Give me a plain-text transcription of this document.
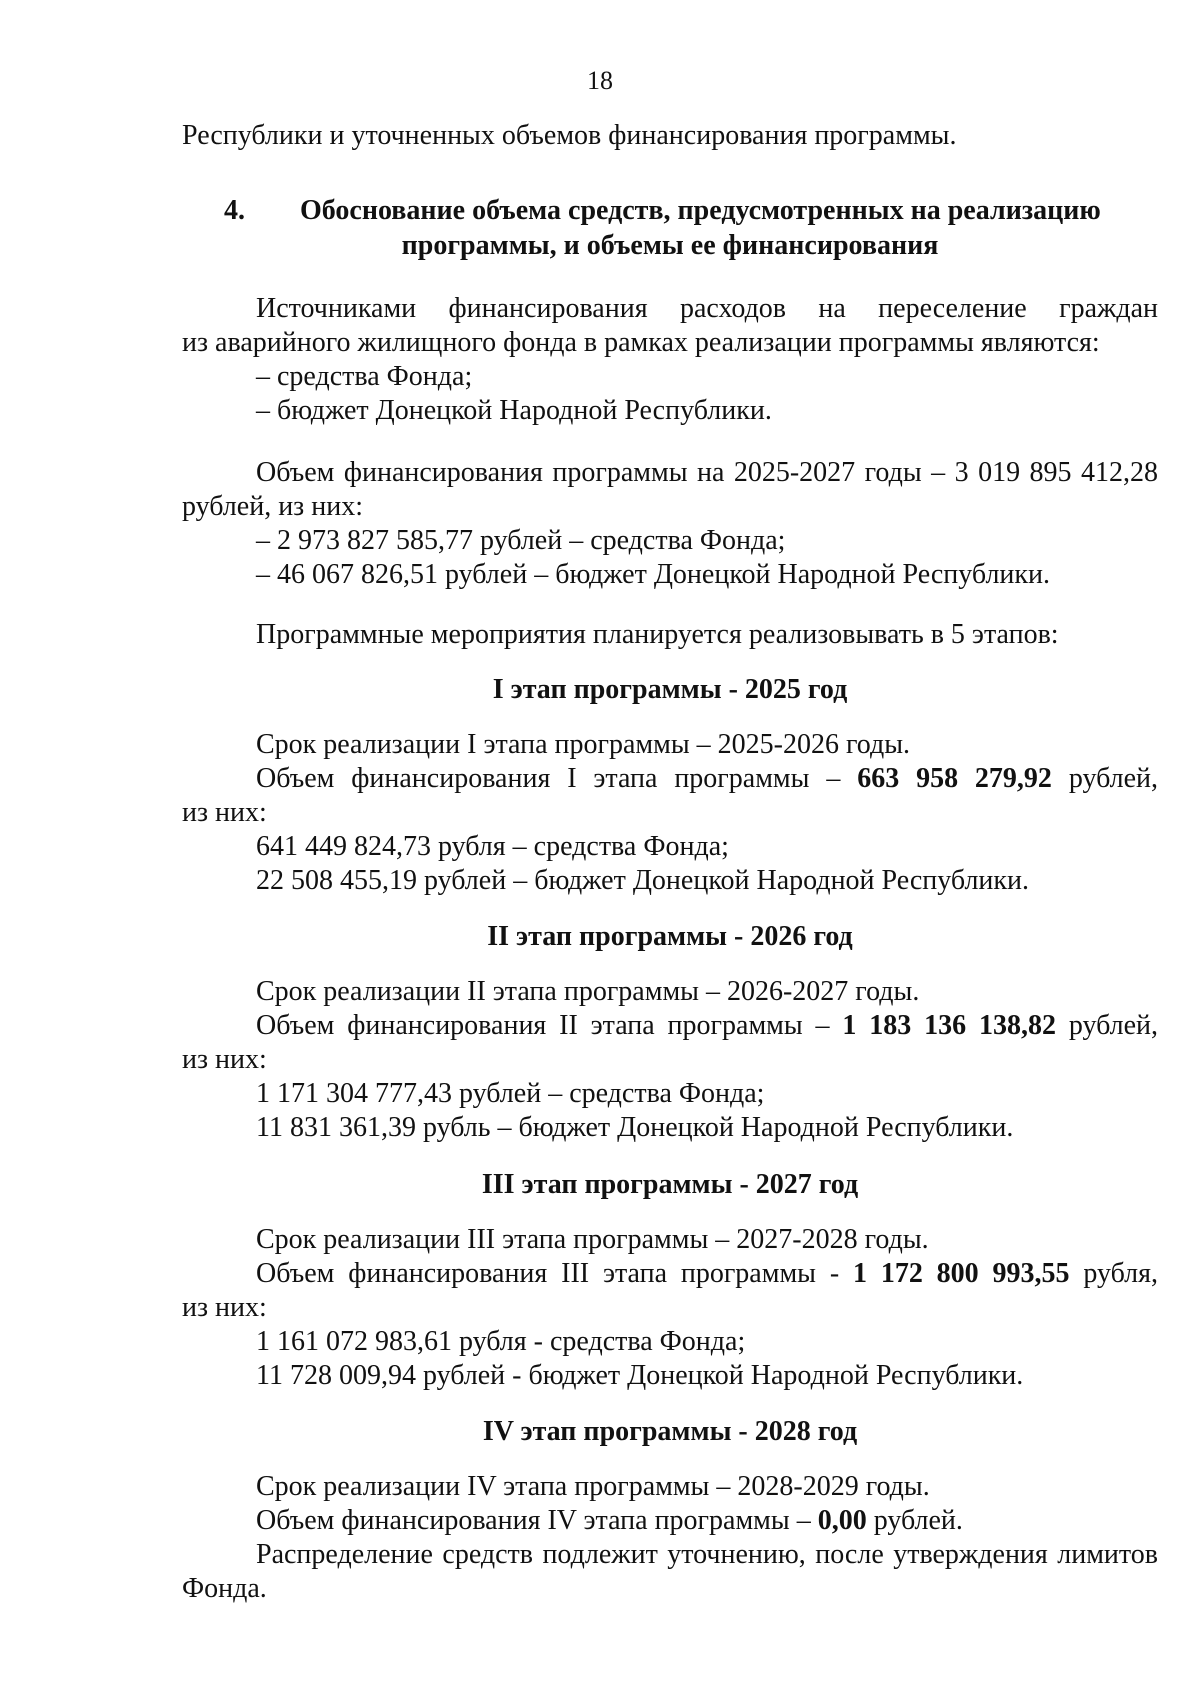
18
Республики и уточненных объемов финансирования программы.
4. Обоснование объема средств, предусмотренных на реализацию
программы, и объемы ее финансирования
Источниками финансирования расходов на переселение граждан
из аварийного жилищного фонда в рамках реализации программы являются:
– средства Фонда;
– бюджет Донецкой Народной Республики.
Объем финансирования программы на 2025-2027 годы – 3 019 895 412,28
рублей, из них:
– 2 973 827 585,77 рублей – средства Фонда;
– 46 067 826,51 рублей – бюджет Донецкой Народной Республики.
Программные мероприятия планируется реализовывать в 5 этапов:
I этап программы - 2025 год
Срок реализации I этапа программы – 2025-2026 годы.
Объем финансирования I этапа программы – 663 958 279,92 рублей,
из них:
641 449 824,73 рубля – средства Фонда;
22 508 455,19 рублей – бюджет Донецкой Народной Республики.
II этап программы - 2026 год
Срок реализации II этапа программы – 2026-2027 годы.
Объем финансирования II этапа программы – 1 183 136 138,82 рублей,
из них:
1 171 304 777,43 рублей – средства Фонда;
11 831 361,39 рубль – бюджет Донецкой Народной Республики.
III этап программы - 2027 год
Срок реализации III этапа программы – 2027-2028 годы.
Объем финансирования III этапа программы - 1 172 800 993,55 рубля,
из них:
1 161 072 983,61 рубля - средства Фонда;
11 728 009,94 рублей - бюджет Донецкой Народной Республики.
IV этап программы - 2028 год
Срок реализации IV этапа программы – 2028-2029 годы.
Объем финансирования IV этапа программы – 0,00 рублей.
Распределение средств подлежит уточнению, после утверждения лимитов
Фонда.
